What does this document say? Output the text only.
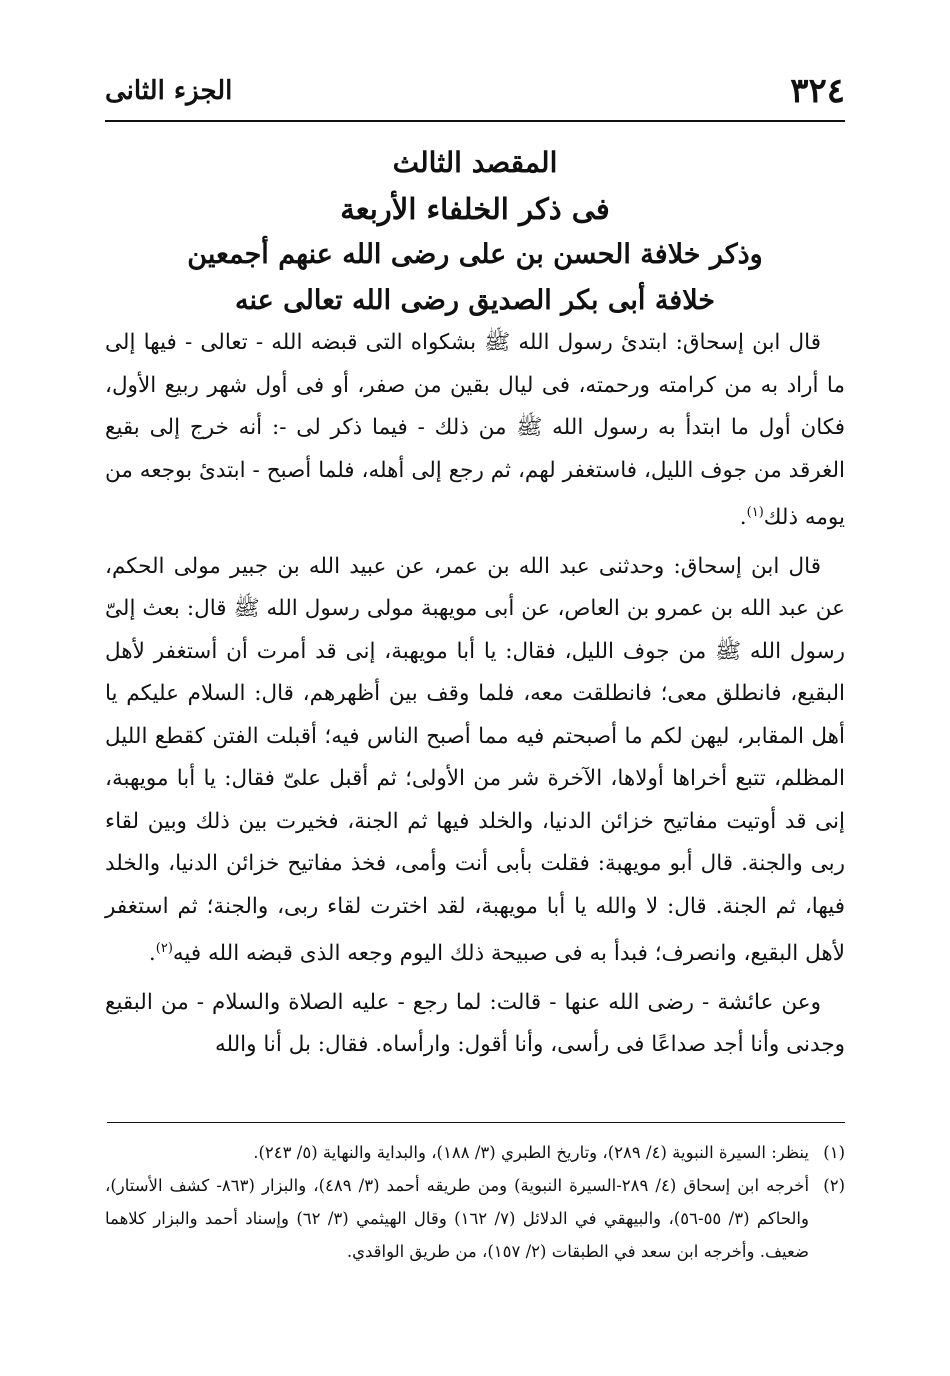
٣٢٤
الجزء الثانى
المقصد الثالث
فى ذكر الخلفاء الأربعة
وذكر خلافة الحسن بن على رضى الله عنهم أجمعين
خلافة أبى بكر الصديق رضى الله تعالى عنه

قال ابن إسحاق: ابتدئ رسول الله ﷺ بشكواه التى قبضه الله - تعالى - فيها إلى ما أراد به من كرامته ورحمته، فى ليال بقين من صفر، أو فى أول شهر ربيع الأول، فكان أول ما ابتدأ به رسول الله ﷺ من ذلك - فيما ذكر لى -: أنه خرج إلى بقيع الغرقد من جوف الليل، فاستغفر لهم، ثم رجع إلى أهله، فلما أصبح - ابتدئ بوجعه من يومه ذلك$^{(١)}$.

قال ابن إسحاق: وحدثنى عبد الله بن عمر، عن عبيد الله بن جبير مولى الحكم، عن عبد الله بن عمرو بن العاص، عن أبى مويهبة مولى رسول الله ﷺ قال: بعث إلىّ رسول الله ﷺ من جوف الليل، فقال: يا أبا مويهبة، إنى قد أمرت أن أستغفر لأهل البقيع، فانطلق معى؛ فانطلقت معه، فلما وقف بين أظهرهم، قال: السلام عليكم يا أهل المقابر، ليهن لكم ما أصبحتم فيه مما أصبح الناس فيه؛ أقبلت الفتن كقطع الليل المظلم، تتبع أخراها أولاها، الآخرة شر من الأولى؛ ثم أقبل علىّ فقال: يا أبا مويهبة، إنى قد أوتيت مفاتيح خزائن الدنيا، والخلد فيها ثم الجنة، فخيرت بين ذلك وبين لقاء ربى والجنة. قال أبو مويهبة: فقلت بأبى أنت وأمى، فخذ مفاتيح خزائن الدنيا، والخلد فيها، ثم الجنة. قال: لا والله يا أبا مويهبة، لقد اخترت لقاء ربى، والجنة؛ ثم استغفر لأهل البقيع، وانصرف؛ فبدأ به فى صبيحة ذلك اليوم وجعه الذى قبضه الله فيه$^{(٢)}$.

وعن عائشة - رضى الله عنها - قالت: لما رجع - عليه الصلاة والسلام - من البقيع وجدنى وأنا أجد صداعًا فى رأسى، وأنا أقول: وارأساه. فقال: بل أنا والله

(١)
ينظر: السيرة النبوية (٤/ ٢٨٩)، وتاريخ الطبري (٣/ ١٨٨)، والبداية والنهاية (٥/ ٢٤٣).
(٢)
أخرجه ابن إسحاق (٤/ ٢٨٩-السيرة النبوية) ومن طريقه أحمد (٣/ ٤٨٩)، والبزار (٨٦٣- كشف الأستار)، والحاكم (٣/ ٥٥-٥٦)، والبيهقي في الدلائل (٧/ ١٦٢) وقال الهيثمي (٣/ ٦٢) وإسناد أحمد والبزار كلاهما ضعيف. وأخرجه ابن سعد في الطبقات (٢/ ١٥٧)، من طريق الواقدي.
